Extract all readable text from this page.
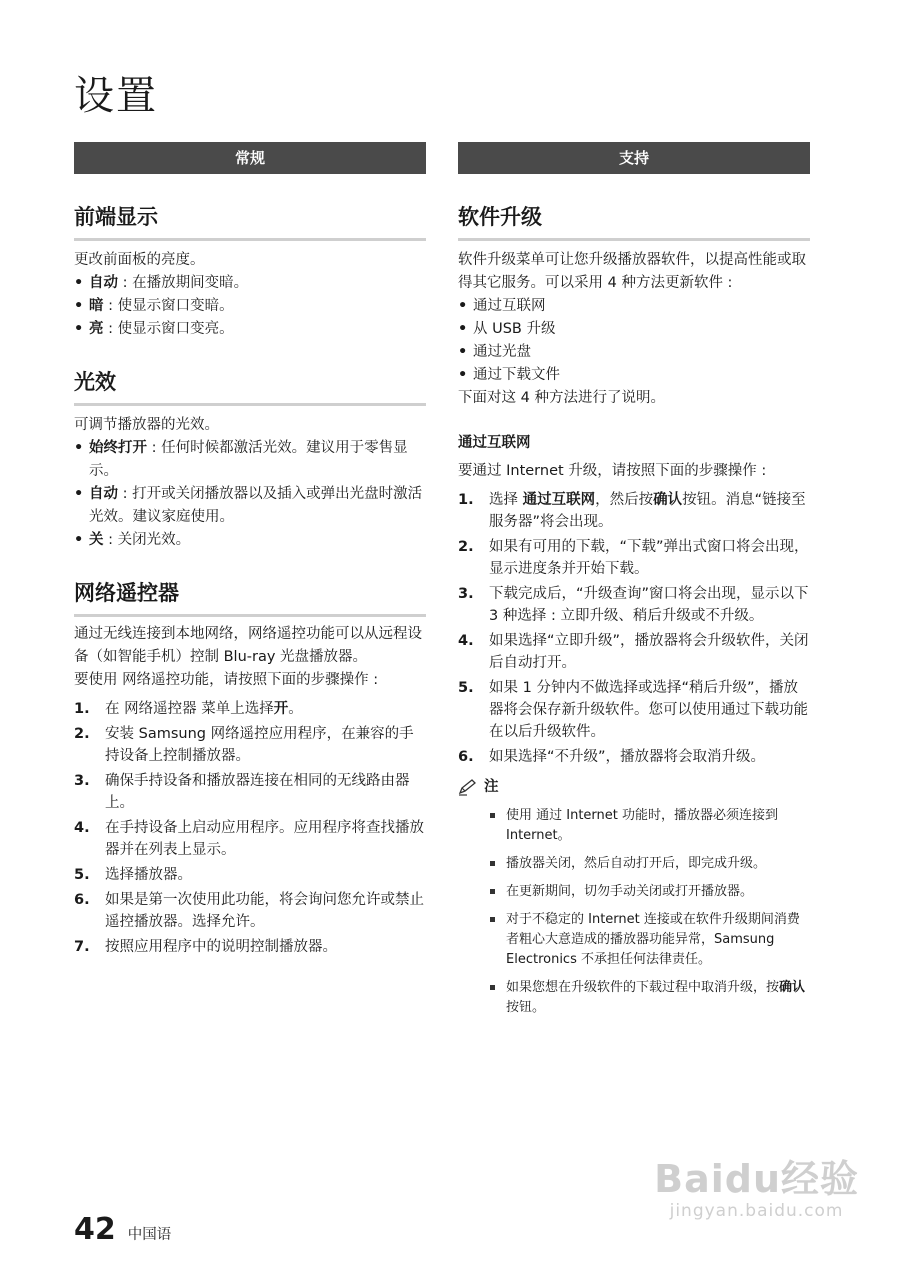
设置
常规
前端显示

更改前面板的亮度。

• 自动 : 在播放期间变暗。
• 暗 : 使显示窗口变暗。
• 亮 : 使显示窗口变亮。
光效

可调节播放器的光效。

• 始终打开 : 任何时候都激活光效。建议用于零售显示。
• 自动 : 打开或关闭播放器以及插入或弹出光盘时激活光效。建议家庭使用。
• 关 : 关闭光效。
网络遥控器

通过无线连接到本地网络，网络遥控功能可以从远程设备（如智能手机）控制 Blu-ray 光盘播放器。
要使用 网络遥控功能，请按照下面的步骤操作 :

1. 在 网络遥控器 菜单上选择开。
2. 安装 Samsung 网络遥控应用程序，在兼容的手持设备上控制播放器。
3. 确保手持设备和播放器连接在相同的无线路由器上。
4. 在手持设备上启动应用程序。应用程序将查找播放器并在列表上显示。
5. 选择播放器。
6. 如果是第一次使用此功能，将会询问您允许或禁止遥控播放器。选择允许。
7. 按照应用程序中的说明控制播放器。
支持
软件升级

软件升级菜单可让您升级播放器软件，以提高性能或取得其它服务。可以采用 4 种方法更新软件 :

• 通过互联网
• 从 USB 升级
• 通过光盘
• 通过下载文件

下面对这 4 种方法进行了说明。

通过互联网

要通过 Internet 升级，请按照下面的步骤操作 :

1. 选择 通过互联网，然后按确认按钮。消息“链接至服务器”将会出现。
2. 如果有可用的下载，“下载”弹出式窗口将会出现，显示进度条并开始下载。
3. 下载完成后，“升级查询”窗口将会出现，显示以下 3 种选择 : 立即升级、稍后升级或不升级。
4. 如果选择“立即升级”，播放器将会升级软件，关闭后自动打开。
5. 如果 1 分钟内不做选择或选择“稍后升级”，播放器将会保存新升级软件。您可以使用通过下载功能在以后升级软件。
6. 如果选择“不升级”，播放器将会取消升级。
注
使用 通过 Internet 功能时，播放器必须连接到 Internet。
播放器关闭，然后自动打开后，即完成升级。
在更新期间，切勿手动关闭或打开播放器。
对于不稳定的 Internet 连接或在软件升级期间消费者粗心大意造成的播放器功能异常，Samsung Electronics 不承担任何法律责任。
如果您想在升级软件的下载过程中取消升级，按确认按钮。
Baidu经验
jingyan.baidu.com
42 中国语
